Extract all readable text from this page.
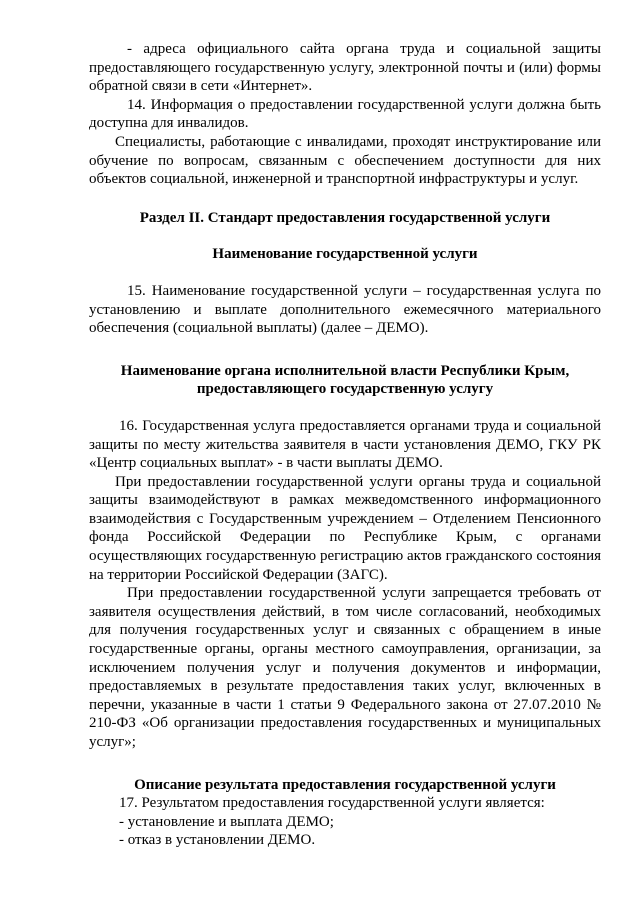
- адреса официального сайта органа труда и социальной защиты предоставляющего государственную услугу, электронной почты и (или) формы обратной связи в сети «Интернет».

14. Информация о предоставлении государственной услуги должна быть доступна для инвалидов.

Специалисты, работающие с инвалидами, проходят инструктирование или обучение по вопросам, связанным с обеспечением доступности для них объектов социальной, инженерной и транспортной инфраструктуры и услуг.

Раздел II. Стандарт предоставления государственной услуги
Наименование государственной услуги

15. Наименование государственной услуги – государственная услуга по установлению и выплате дополнительного ежемесячного материального обеспечения (социальной выплаты) (далее – ДЕМО).

Наименование органа исполнительной власти Республики Крым,
предоставляющего государственную услугу

16. Государственная услуга предоставляется органами труда и социальной защиты по месту жительства заявителя в части установления ДЕМО, ГКУ РК «Центр социальных выплат» - в части выплаты ДЕМО.

При предоставлении государственной услуги органы труда и социальной защиты взаимодействуют в рамках межведомственного информационного взаимодействия с Государственным учреждением – Отделением Пенсионного фонда Российской Федерации по Республике Крым, с органами осуществляющих государственную регистрацию актов гражданского состояния на территории Российской Федерации (ЗАГС).

При предоставлении государственной услуги запрещается требовать от заявителя осуществления действий, в том числе согласований, необходимых для получения государственных услуг и связанных с обращением в иные государственные органы, органы местного самоуправления, организации, за исключением получения услуг и получения документов и информации, предоставляемых в результате предоставления таких услуг, включенных в перечни, указанные в части 1 статьи 9 Федерального закона от 27.07.2010 № 210-ФЗ «Об организации предоставления государственных и муниципальных услуг»;

Описание результата предоставления государственной услуги

17. Результатом предоставления государственной услуги является:

- установление и выплата ДЕМО;

- отказ в установлении ДЕМО.
